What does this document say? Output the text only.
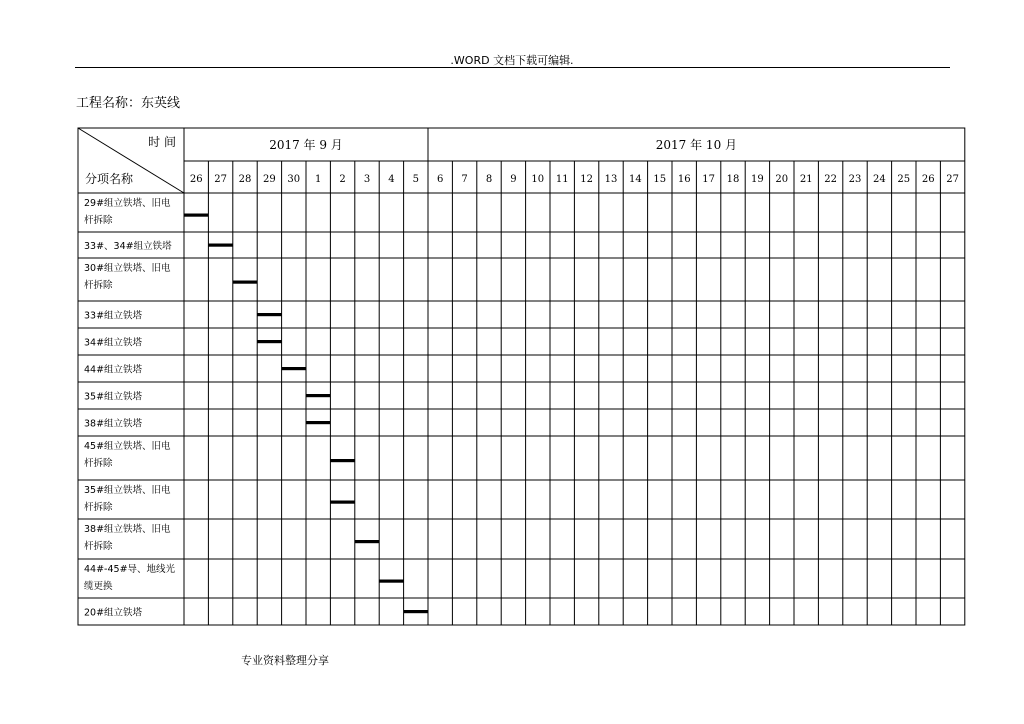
.WORD 文档下载可编辑.
工程名称：东英线
时 间
分项名称
2017 年 9 月	2017 年 10 月
26 27 28 29 30 1 2 3 4 5 6 7 8 9 10 11 12 13 14 15 16 17 18 19 20 21 22 23 24 25 26 27
29#组立铁塔、旧电
杆拆除
33#、34#组立铁塔
30#组立铁塔、旧电
杆拆除
33#组立铁塔
34#组立铁塔
44#组立铁塔
35#组立铁塔
38#组立铁塔
45#组立铁塔、旧电
杆拆除
35#组立铁塔、旧电
杆拆除
38#组立铁塔、旧电
杆拆除
44#-45#导、地线光
缆更换
20#组立铁塔
专业资料整理分享
